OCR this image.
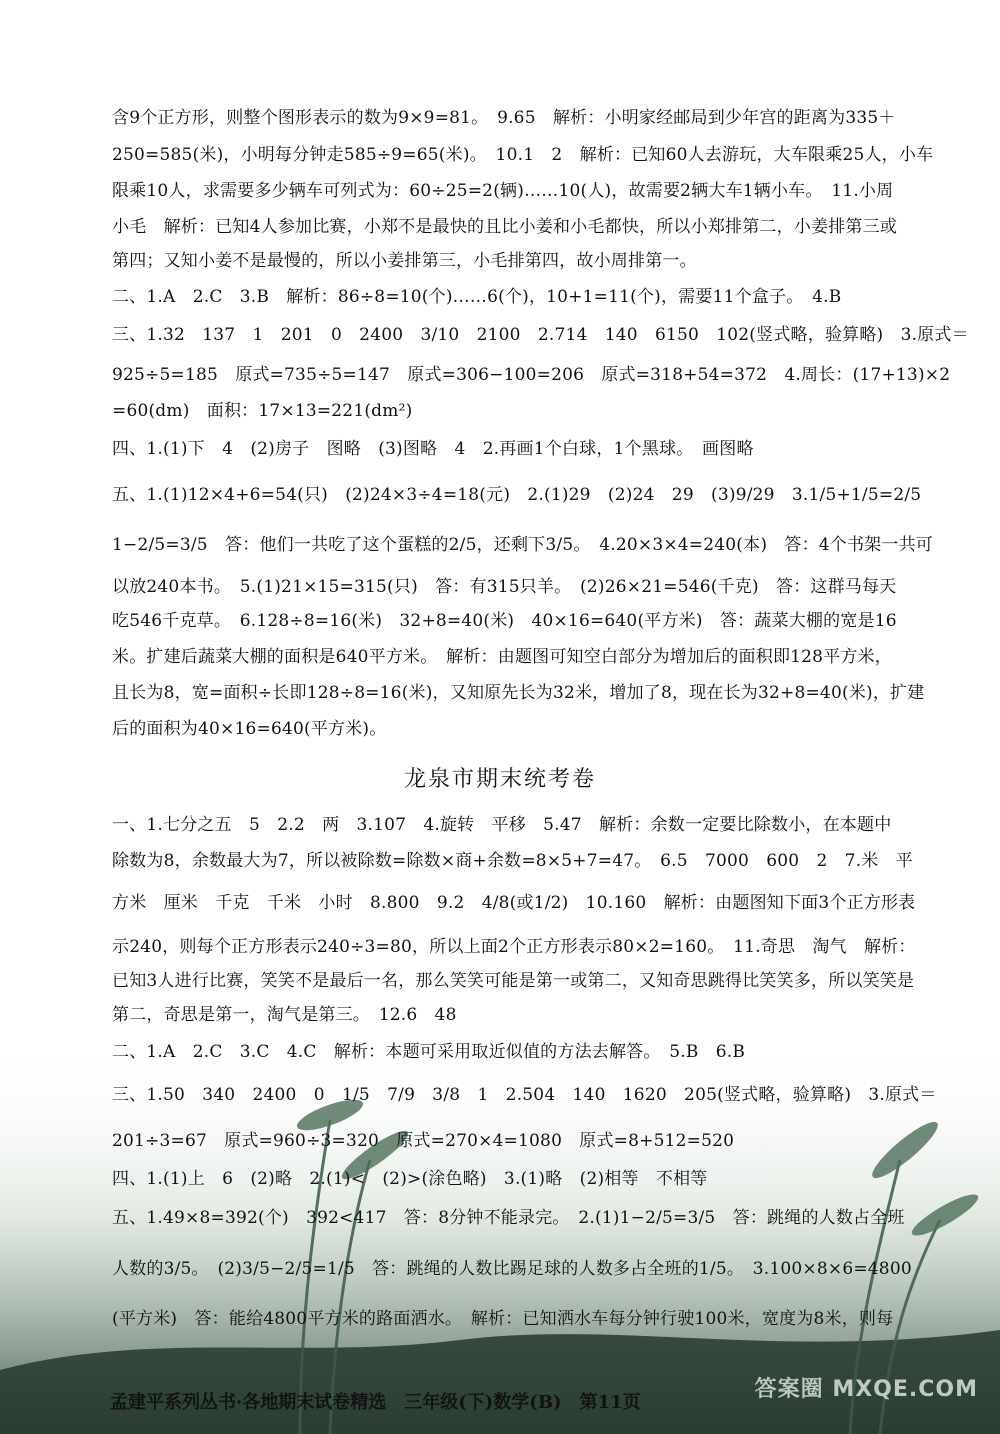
含9个正方形，则整个图形表示的数为9×9=81。　9.65　解析：小明家经邮局到少年宫的距离为335＋
250=585(米)，小明每分钟走585÷9=65(米)。　10.1　2　解析：已知60人去游玩，大车限乘25人，小车
限乘10人，求需要多少辆车可列式为：60÷25=2(辆)……10(人)，故需要2辆大车1辆小车。　11.小周
小毛　解析：已知4人参加比赛，小郑不是最快的且比小姜和小毛都快，所以小郑排第二，小姜排第三或
第四；又知小姜不是最慢的，所以小姜排第三，小毛排第四，故小周排第一。
二、1.A　2.C　3.B　解析：86÷8=10(个)……6(个)，10+1=11(个)，需要11个盒子。　4.B
三、1.32　137　1　201　0　2400　3/10　2100　2.714　140　6150　102(竖式略，验算略)　3.原式＝
925÷5=185　原式=735÷5=147　原式=306−100=206　原式=318+54=372　4.周长：(17+13)×2
=60(dm)　面积：17×13=221(dm²)
四、1.(1)下　4　(2)房子　图略　(3)图略　4　2.再画1个白球，1个黑球。　画图略
五、1.(1)12×4+6=54(只)　(2)24×3÷4=18(元)　2.(1)29　(2)24　29　(3)9/29　3.1/5+1/5=2/5
1−2/5=3/5　答：他们一共吃了这个蛋糕的2/5，还剩下3/5。　4.20×3×4=240(本)　答：4个书架一共可
以放240本书。　5.(1)21×15=315(只)　答：有315只羊。　(2)26×21=546(千克)　答：这群马每天
吃546千克草。　6.128÷8=16(米)　32+8=40(米)　40×16=640(平方米)　答：蔬菜大棚的宽是16
米。扩建后蔬菜大棚的面积是640平方米。　解析：由题图可知空白部分为增加后的面积即128平方米，
且长为8，宽=面积÷长即128÷8=16(米)，又知原先长为32米，增加了8，现在长为32+8=40(米)，扩建
后的面积为40×16=640(平方米)。
龙泉市期末统考卷
一、1.七分之五　5　2.2　两　3.107　4.旋转　平移　5.47　解析：余数一定要比除数小，在本题中
除数为8，余数最大为7，所以被除数=除数×商+余数=8×5+7=47。　6.5　7000　600　2　7.米　平
方米　厘米　千克　千米　小时　8.800　9.2　4/8(或1/2)　10.160　解析：由题图知下面3个正方形表
示240，则每个正方形表示240÷3=80，所以上面2个正方形表示80×2=160。　11.奇思　淘气　解析：
已知3人进行比赛，笑笑不是最后一名，那么笑笑可能是第一或第二，又知奇思跳得比笑笑多，所以笑笑是
第二，奇思是第一，淘气是第三。　12.6　48
二、1.A　2.C　3.C　4.C　解析：本题可采用取近似值的方法去解答。　5.B　6.B
三、1.50　340　2400　0　1/5　7/9　3/8　1　2.504　140　1620　205(竖式略，验算略)　3.原式＝
201÷3=67　原式=960÷3=320　原式=270×4=1080　原式=8+512=520
四、1.(1)上　6　(2)略　2.(1)<　(2)>(涂色略)　3.(1)略　(2)相等　不相等
五、1.49×8=392(个)　392<417　答：8分钟不能录完。　2.(1)1−2/5=3/5　答：跳绳的人数占全班
人数的3/5。　(2)3/5−2/5=1/5　答：跳绳的人数比踢足球的人数多占全班的1/5。　3.100×8×6=4800
(平方米)　答：能给4800平方米的路面洒水。　解析：已知洒水车每分钟行驶100米，宽度为8米，则每
孟建平系列丛书·各地期末试卷精选　三年级(下)数学(B)　第11页
答案圈 MXQE.COM
